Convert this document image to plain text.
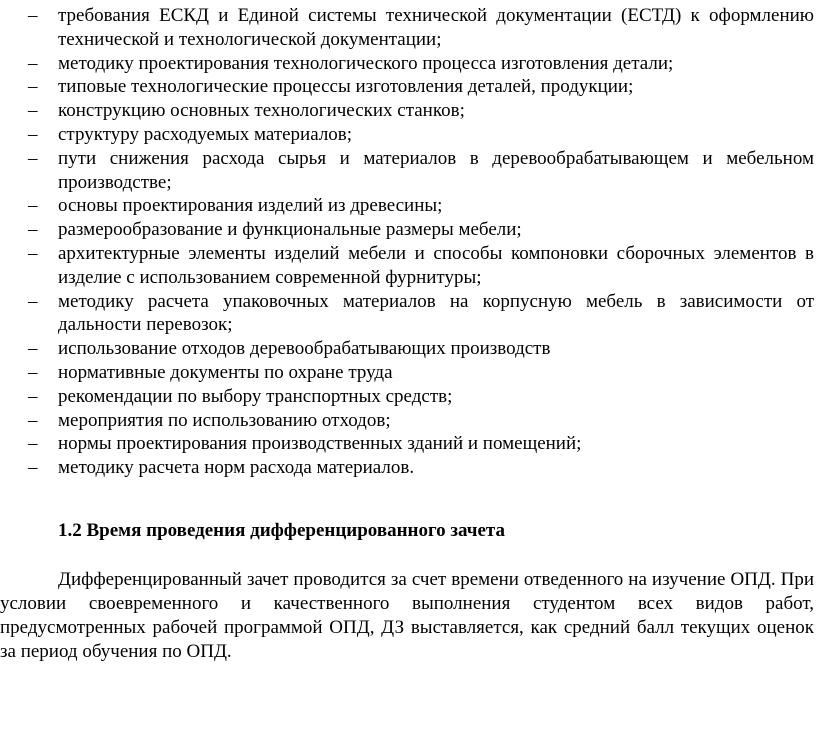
– требования ЕСКД и Единой системы технической документации (ЕСТД) к оформлению технической и технологической документации;
– методику проектирования технологического процесса изготовления детали;
– типовые технологические процессы изготовления деталей, продукции;
– конструкцию основных технологических станков;
– структуру расходуемых материалов;
– пути снижения расхода сырья и материалов в деревообрабатывающем и мебельном производстве;
– основы проектирования изделий из древесины;
– размерообразование и функциональные размеры мебели;
– архитектурные элементы изделий мебели и способы компоновки сборочных элементов в изделие с использованием современной фурнитуры;
– методику расчета упаковочных материалов на корпусную мебель в зависимости от дальности перевозок;
– использование отходов деревообрабатывающих производств
– нормативные документы по охране труда
– рекомендации по выбору транспортных средств;
– мероприятия по использованию отходов;
– нормы проектирования производственных зданий и помещений;
– методику расчета норм расхода материалов.
1.2 Время проведения дифференцированного зачета

Дифференцированный зачет проводится за счет времени отведенного на изучение ОПД. При условии своевременного и качественного выполнения студентом всех видов работ, предусмотренных рабочей программой ОПД, ДЗ выставляется, как средний балл текущих оценок за период обучения по ОПД.
